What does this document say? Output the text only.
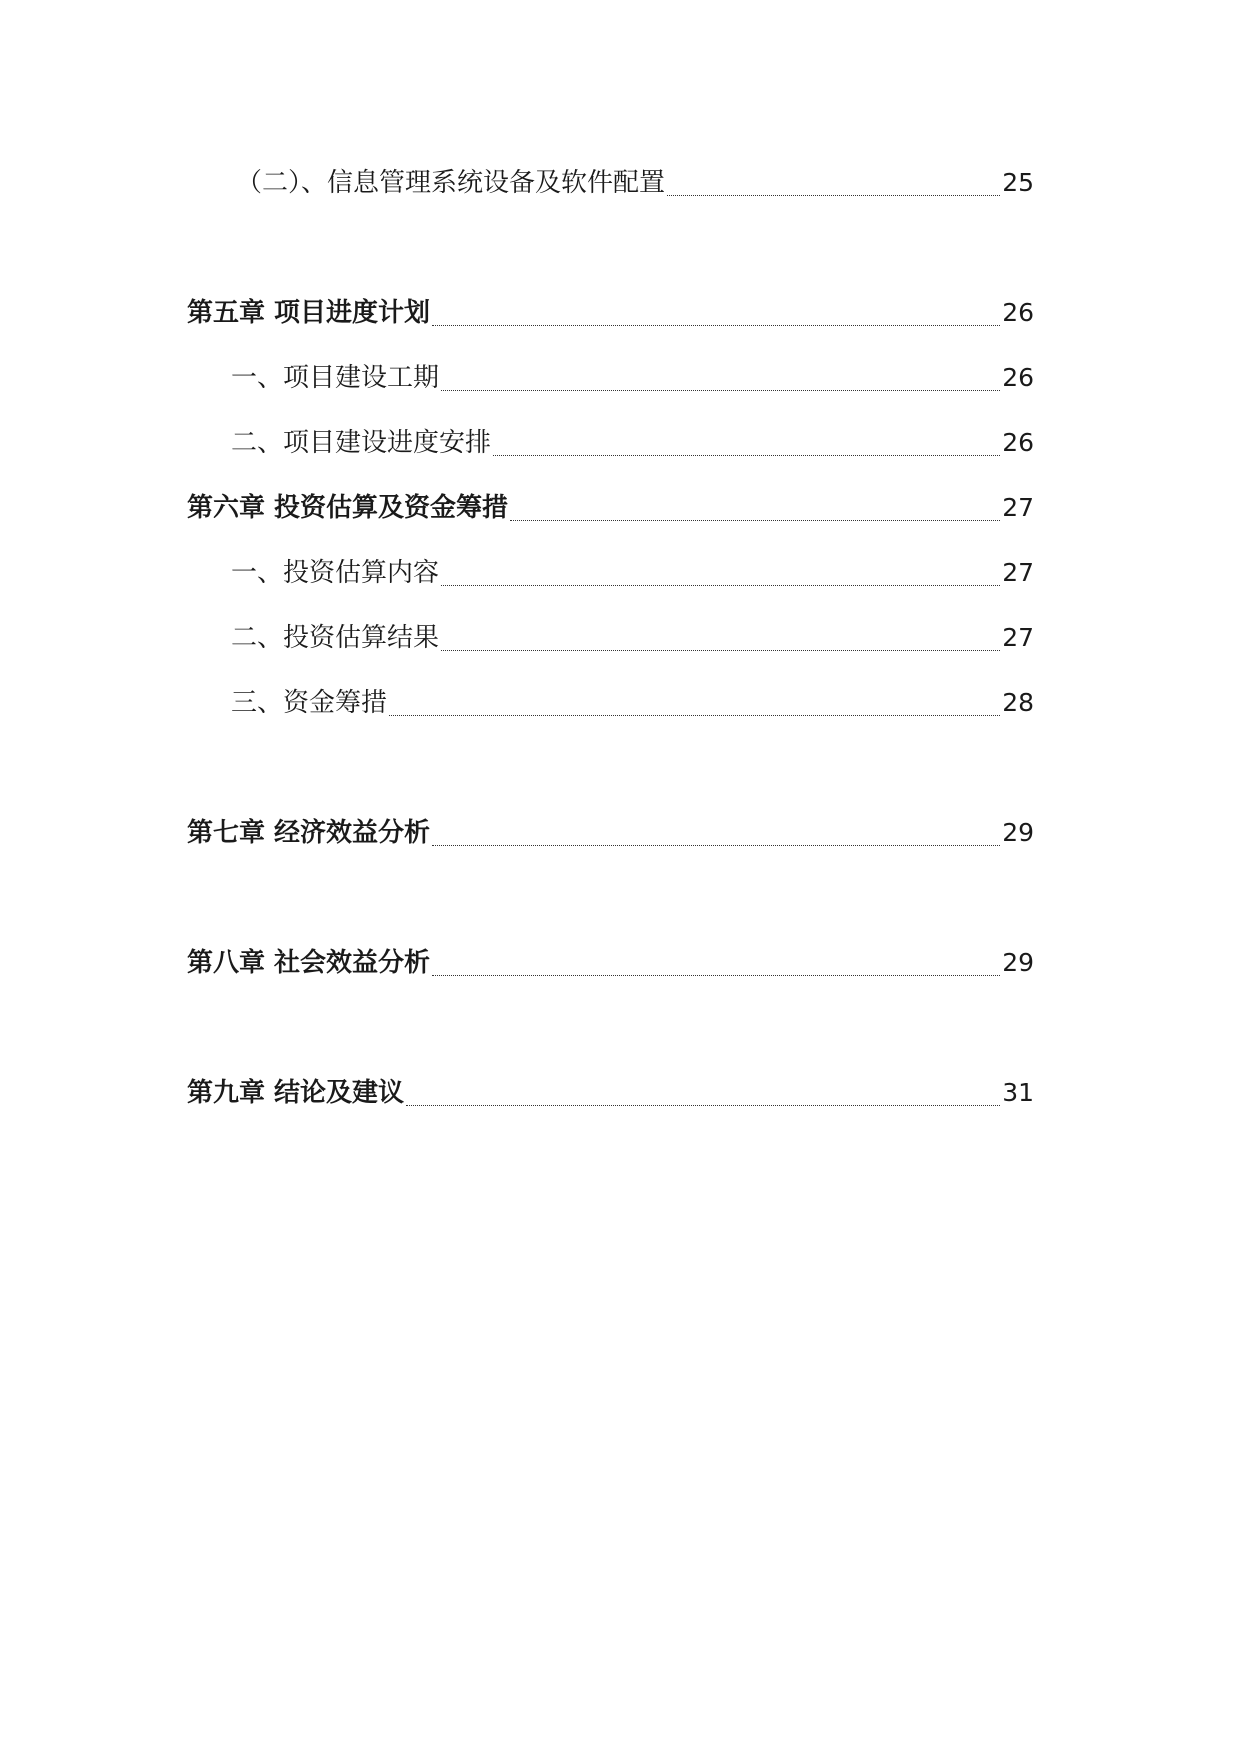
（二）、信息管理系统设备及软件配置	25
第五章 项目进度计划	26
一、项目建设工期	26
二、项目建设进度安排	26
第六章 投资估算及资金筹措	27
一、投资估算内容	27
二、投资估算结果	27
三、资金筹措	28
第七章 经济效益分析	29
第八章 社会效益分析	29
第九章 结论及建议	31
